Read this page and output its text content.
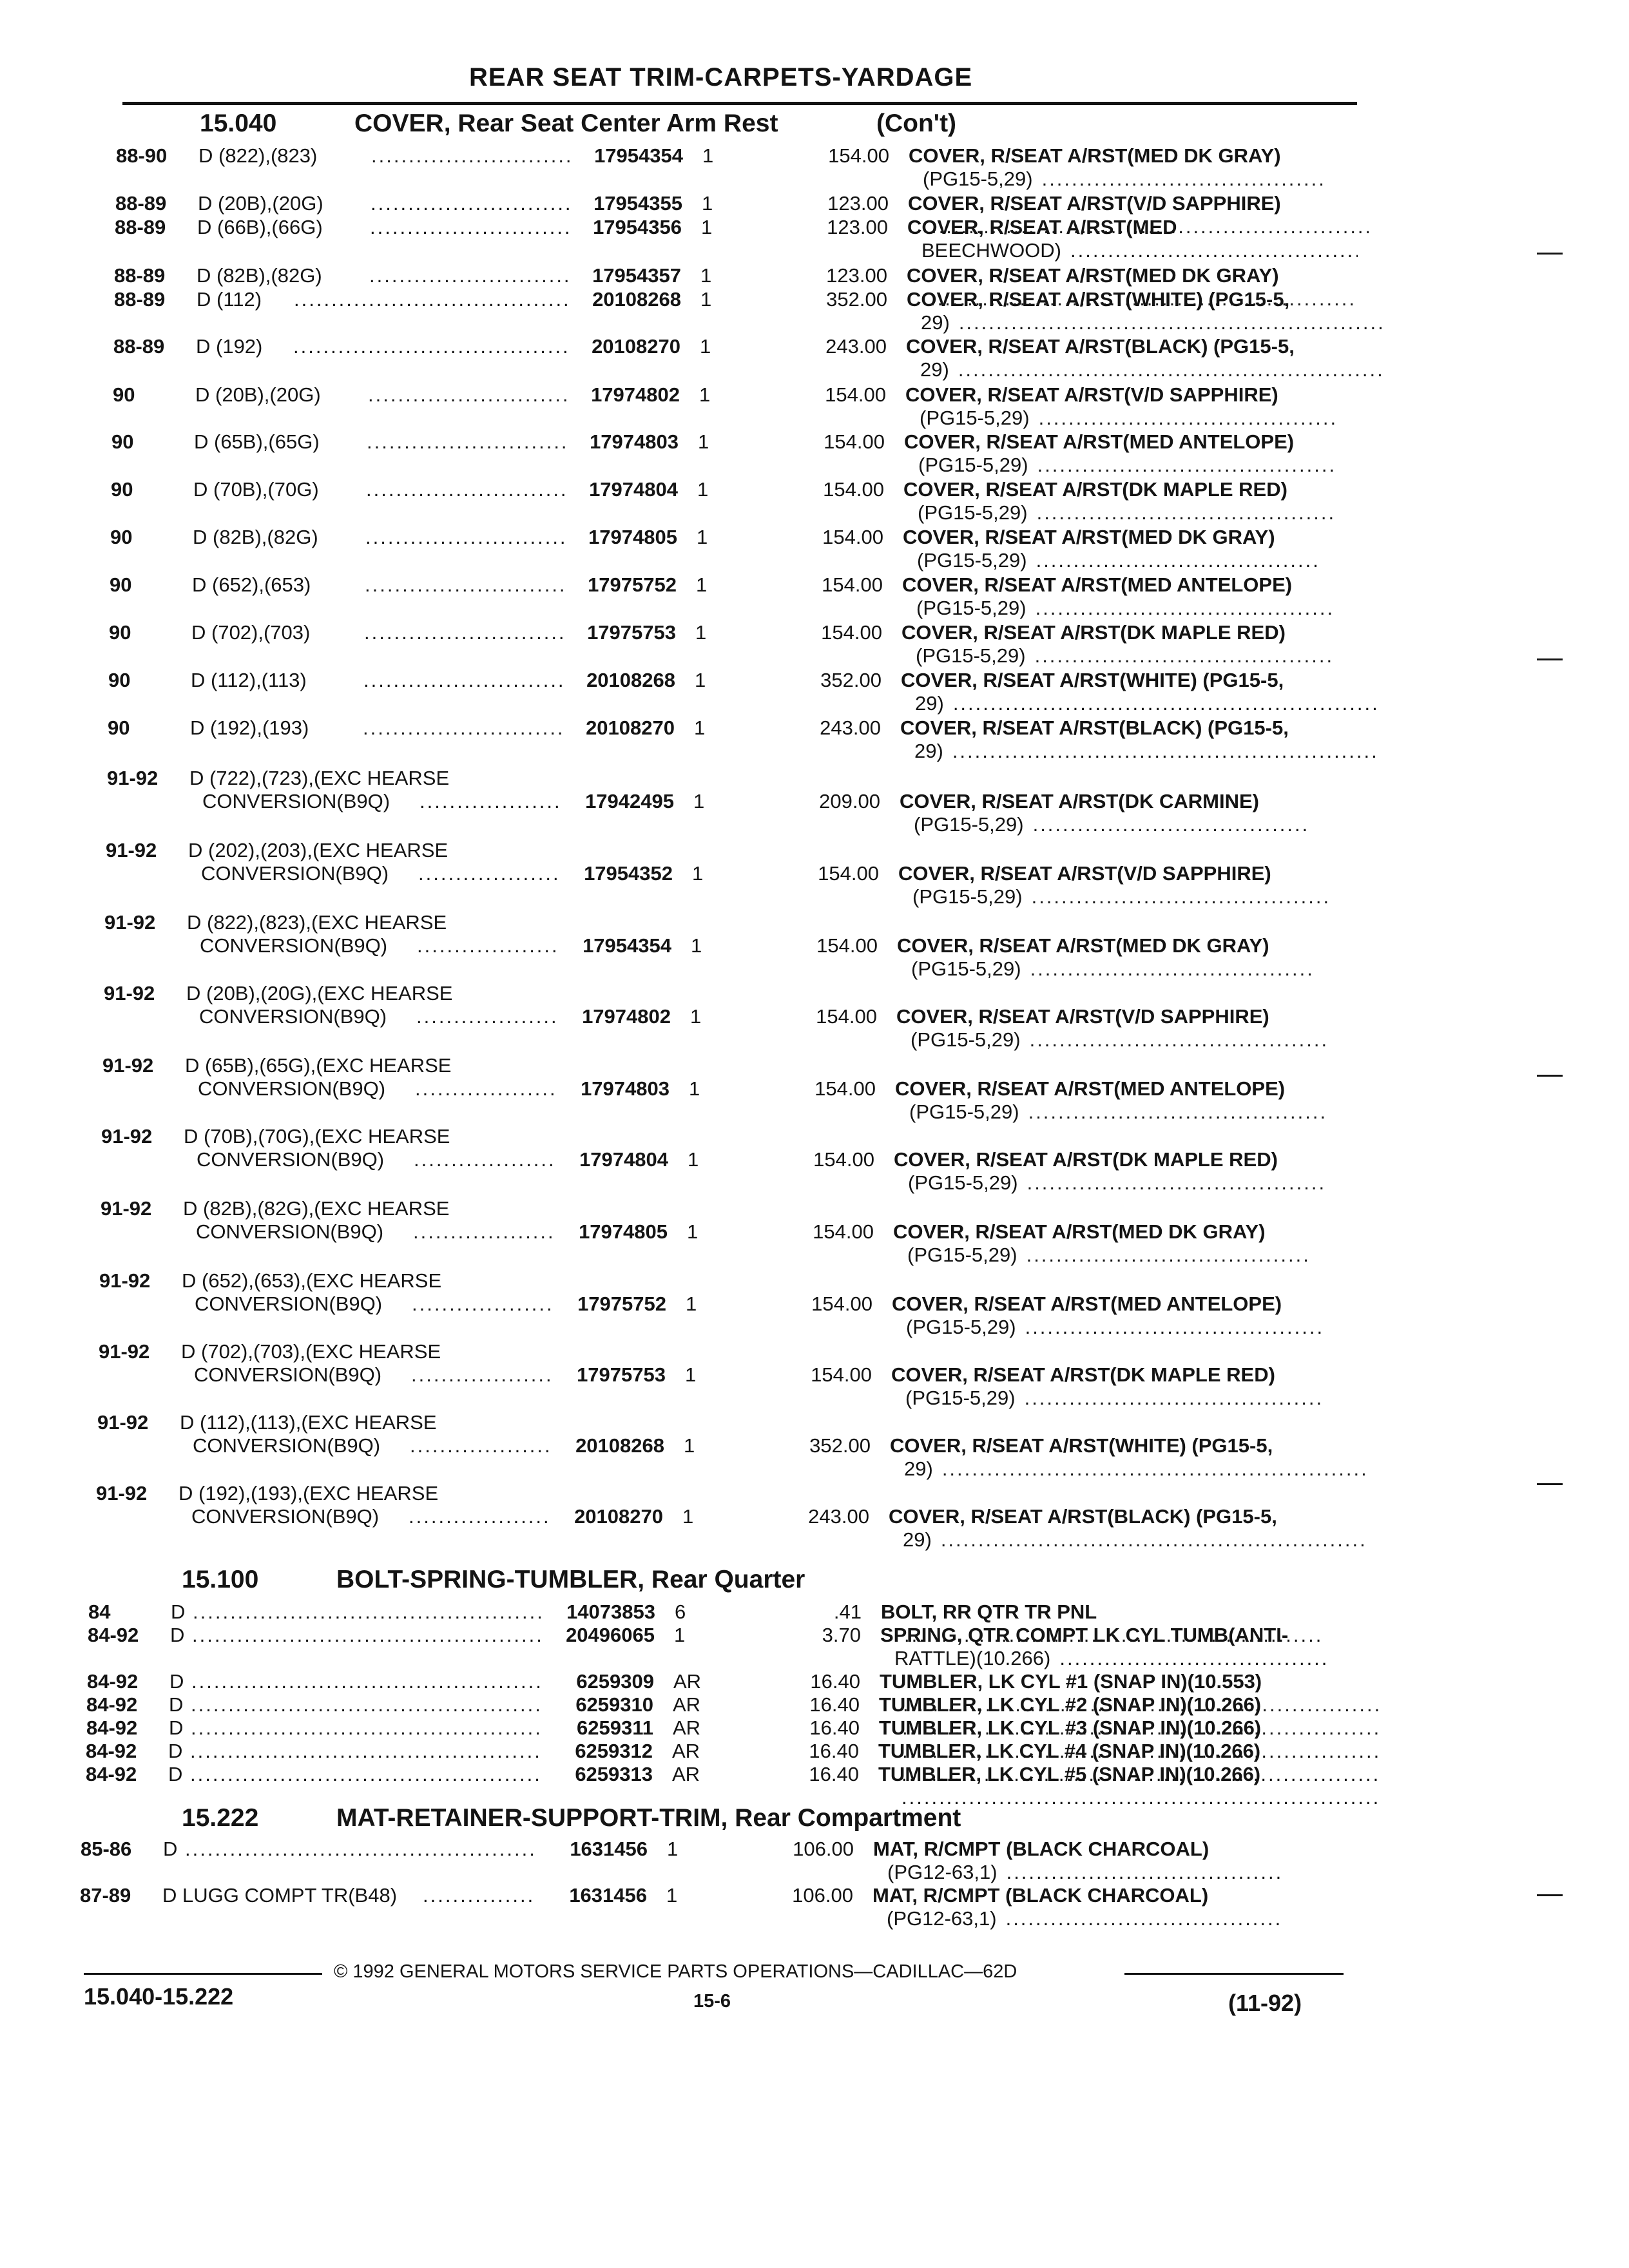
REAR SEAT TRIM-CARPETS-YARDAGE
15.040	COVER, Rear Seat Center Arm Rest	(Con't)
88-90 D (822),(823) .....	17954354 1	154.00 COVER, R/SEAT A/RST(MED DK GRAY)
(PG15-5,29).....
88-89 D (20B),(20G) .....	17954355 1	123.00 COVER, R/SEAT A/RST(V/D SAPPHIRE)
.....
88-89 D (66B),(66G) .....	17954356 1	123.00 COVER, R/SEAT A/RST(MED
BEECHWOOD).....
88-89 D (82B),(82G) .....	17954357 1	123.00 COVER, R/SEAT A/RST(MED DK GRAY)
.....
88-89 D (112) .....	20108268 1	352.00 COVER, R/SEAT A/RST(WHITE) (PG15-5,
29).....
88-89 D (192) .....	20108270 1	243.00 COVER, R/SEAT A/RST(BLACK) (PG15-5,
29).....
90	D (20B),(20G) .....	17974802 1	154.00 COVER, R/SEAT A/RST(V/D SAPPHIRE)
(PG15-5,29).....
90	D (65B),(65G) .....	17974803 1	154.00 COVER, R/SEAT A/RST(MED ANTELOPE)
(PG15-5,29).....
90	D (70B),(70G) .....	17974804 1	154.00 COVER, R/SEAT A/RST(DK MAPLE RED)
(PG15-5,29).....
90	D (82B),(82G) .....	17974805 1	154.00 COVER, R/SEAT A/RST(MED DK GRAY)
(PG15-5,29).....
90	D (652),(653) .....	17975752 1	154.00 COVER, R/SEAT A/RST(MED ANTELOPE)
(PG15-5,29).....
90	D (702),(703) .....	17975753 1	154.00 COVER, R/SEAT A/RST(DK MAPLE RED)
(PG15-5,29).....
90	D (112),(113) .....	20108268 1	352.00 COVER, R/SEAT A/RST(WHITE) (PG15-5,
29).....
90	D (192),(193) .....	20108270 1	243.00 COVER, R/SEAT A/RST(BLACK) (PG15-5,
29).....
91-92 D (722),(723),(EXC HEARSE
CONVERSION(B9Q) .....	17942495 1	209.00 COVER, R/SEAT A/RST(DK CARMINE)
(PG15-5,29).....
91-92 D (202),(203),(EXC HEARSE
CONVERSION(B9Q) .....	17954352 1	154.00 COVER, R/SEAT A/RST(V/D SAPPHIRE)
(PG15-5,29).....
91-92 D (822),(823),(EXC HEARSE
CONVERSION(B9Q) .....	17954354 1	154.00 COVER, R/SEAT A/RST(MED DK GRAY)
(PG15-5,29).....
91-92 D (20B),(20G),(EXC HEARSE
CONVERSION(B9Q) .....	17974802 1	154.00 COVER, R/SEAT A/RST(V/D SAPPHIRE)
(PG15-5,29).....
91-92 D (65B),(65G),(EXC HEARSE
CONVERSION(B9Q) .....	17974803 1	154.00 COVER, R/SEAT A/RST(MED ANTELOPE)
(PG15-5,29).....
91-92 D (70B),(70G),(EXC HEARSE
CONVERSION(B9Q) .....	17974804 1	154.00 COVER, R/SEAT A/RST(DK MAPLE RED)
(PG15-5,29).....
91-92 D (82B),(82G),(EXC HEARSE
CONVERSION(B9Q) .....	17974805 1	154.00 COVER, R/SEAT A/RST(MED DK GRAY)
(PG15-5,29).....
91-92 D (652),(653),(EXC HEARSE
CONVERSION(B9Q) .....	17975752 1	154.00 COVER, R/SEAT A/RST(MED ANTELOPE)
(PG15-5,29).....
91-92 D (702),(703),(EXC HEARSE
CONVERSION(B9Q) .....	17975753 1	154.00 COVER, R/SEAT A/RST(DK MAPLE RED)
(PG15-5,29).....
91-92 D (112),(113),(EXC HEARSE
CONVERSION(B9Q) .....	20108268 1	352.00 COVER, R/SEAT A/RST(WHITE) (PG15-5,
29).....
91-92 D (192),(193),(EXC HEARSE
CONVERSION(B9Q) .....	20108270 1	243.00 COVER, R/SEAT A/RST(BLACK) (PG15-5,
29).....
15.100	BOLT-SPRING-TUMBLER, Rear Quarter
84	D .....	14073853 6	.41 BOLT, RR QTR TR PNL
.....
84-92 D .....	20496065 1	3.70 SPRING, QTR COMPT LK CYL TUMB(ANTI-
RATTLE)(10.266).....
84-92 D .....	6259309 AR	16.40 TUMBLER, LK CYL #1 (SNAP IN)(10.553)
.....
84-92 D .....	6259310 AR	16.40 TUMBLER, LK CYL #2 (SNAP IN)(10.266)
.....
84-92 D .....	6259311 AR	16.40 TUMBLER, LK CYL #3 (SNAP IN)(10.266)
.....
84-92 D .....	6259312 AR	16.40 TUMBLER, LK CYL #4 (SNAP IN)(10.266)
.....
84-92 D .....	6259313 AR	16.40 TUMBLER, LK CYL #5 (SNAP IN)(10.266)
.....
15.222	MAT-RETAINER-SUPPORT-TRIM, Rear Compartment
85-86 D .....	1631456 1	106.00 MAT, R/CMPT (BLACK CHARCOAL)
(PG12-63,1).....
87-89 D LUGG COMPT TR(B48) .....	1631456 1	106.00 MAT, R/CMPT (BLACK CHARCOAL)
(PG12-63,1).....
© 1992 GENERAL MOTORS SERVICE PARTS OPERATIONS—CADILLAC—62D
15.040-15.222	15-6	(11-92)
